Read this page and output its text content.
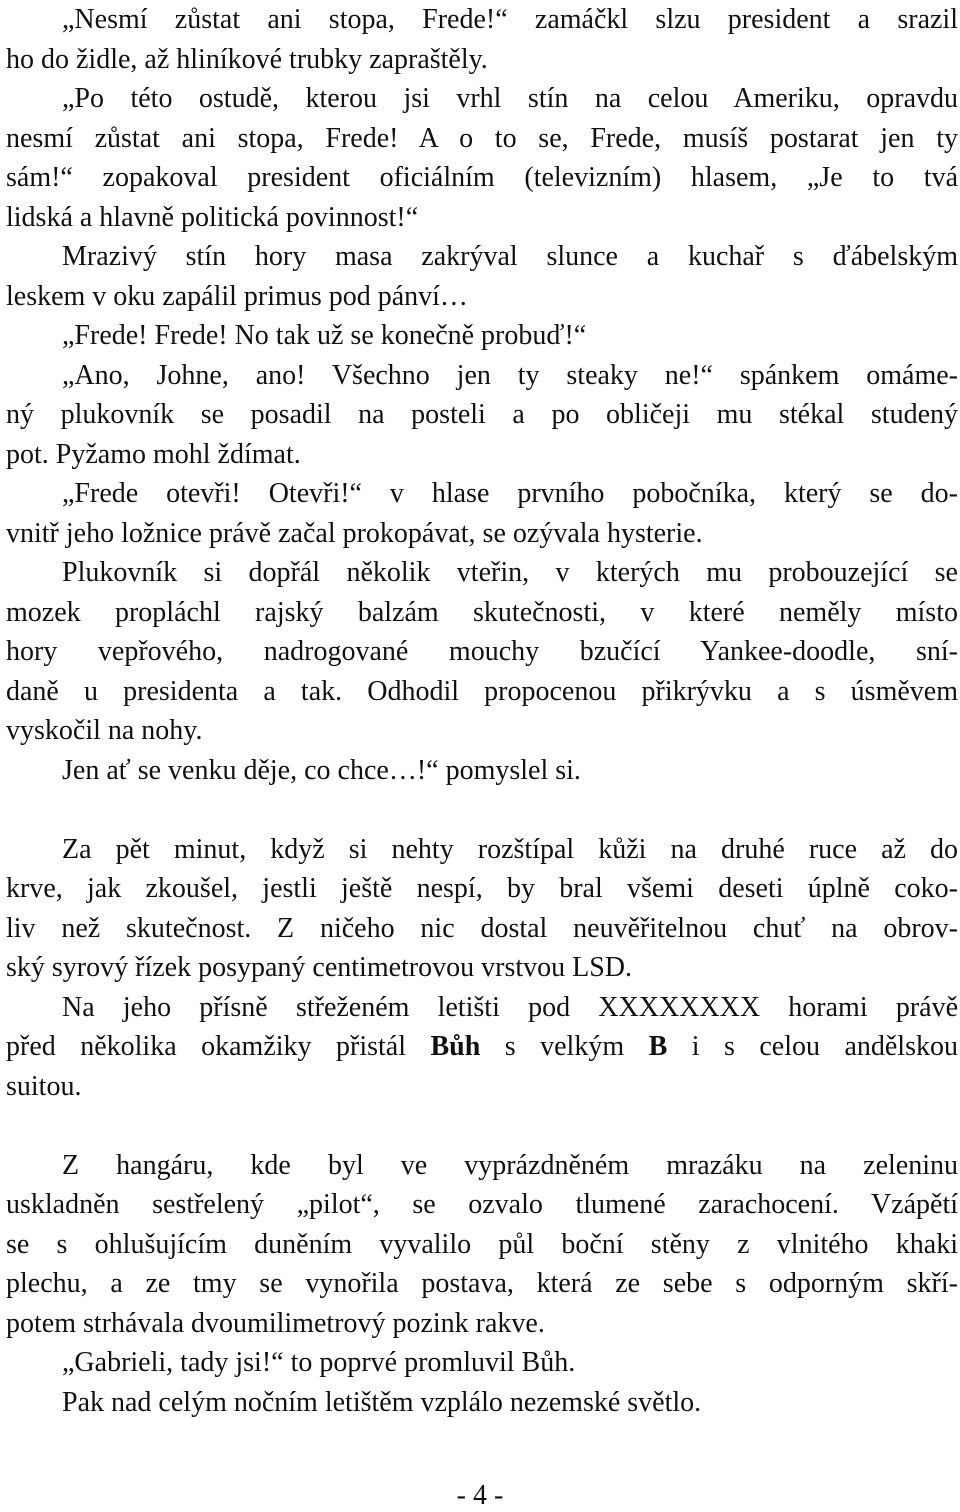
„Nesmí zůstat ani stopa, Frede!“ zamáčkl slzu president a srazil
ho do židle, až hliníkové trubky zapraštěly.
„Po této ostudě, kterou jsi vrhl stín na celou Ameriku, opravdu
nesmí zůstat ani stopa, Frede! A o to se, Frede, musíš postarat jen ty
sám!“ zopakoval president oficiálním (televizním) hlasem, „Je to tvá
lidská a hlavně politická povinnost!“
Mrazivý stín hory masa zakrýval slunce a kuchař s ďábelským
leskem v oku zapálil primus pod pánví…
„Frede! Frede! No tak už se konečně probuď!“
„Ano, Johne, ano! Všechno jen ty steaky ne!“ spánkem omáme-
ný plukovník se posadil na posteli a po obličeji mu stékal studený
pot. Pyžamo mohl ždímat.
„Frede otevři! Otevři!“ v hlase prvního pobočníka, který se do-
vnitř jeho ložnice právě začal prokopávat, se ozývala hysterie.
Plukovník si dopřál několik vteřin, v kterých mu probouzející se
mozek propláchl rajský balzám skutečnosti, v které neměly místo
hory vepřového, nadrogované mouchy bzučící Yankee-doodle, sní-
daně u presidenta a tak. Odhodil propocenou přikrývku a s úsměvem
vyskočil na nohy.
Jen ať se venku děje, co chce…!“ pomyslel si.
Za pět minut, když si nehty rozštípal kůži na druhé ruce až do
krve, jak zkoušel, jestli ještě nespí, by bral všemi deseti úplně coko-
liv než skutečnost. Z ničeho nic dostal neuvěřitelnou chuť na obrov-
ský syrový řízek posypaný centimetrovou vrstvou LSD.
Na jeho přísně střeženém letišti pod XXXXXXXX horami právě
před několika okamžiky přistál Bůh s velkým B i s celou andělskou
suitou.
Z hangáru, kde byl ve vyprázdněném mrazáku na zeleninu
uskladněn sestřelený „pilot“, se ozvalo tlumené zarachocení. Vzápětí
se s ohlušujícím duněním vyvalilo půl boční stěny z vlnitého khaki
plechu, a ze tmy se vynořila postava, která ze sebe s odporným skří-
potem strhávala dvoumilimetrový pozink rakve.
„Gabrieli, tady jsi!“ to poprvé promluvil Bůh.
Pak nad celým nočním letištěm vzplálo nezemské světlo.
- 4 -
